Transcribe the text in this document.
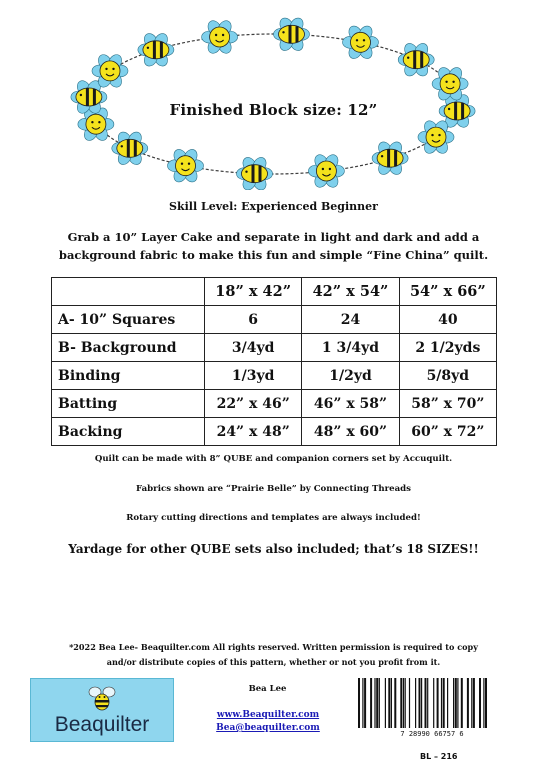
Finished Block size: 12”
Skill Level: Experienced Beginner
Grab a 10” Layer Cake and separate in light and dark and add a
background fabric to make this fun and simple “Fine China” quilt.
	18” x 42”	42” x 54”	54” x 66”
A- 10” Squares	6	24	40
B- Background	3/4yd	1 3/4yd	2 1/2yds
Binding	1/3yd	1/2yd	5/8yd
Batting	22” x 46”	46” x 58”	58” x 70”
Backing	24” x 48”	48” x 60”	60” x 72”
Quilt can be made with 8” QUBE and companion corners set by Accuquilt.
Fabrics shown are “Prairie Belle” by Connecting Threads
Rotary cutting directions and templates are always included!
Yardage for other QUBE sets also included; that’s 18 SIZES!!
*2022 Bea Lee- Beaquilter.com All rights reserved. Written permission is required to copy
and/or distribute copies of this pattern, whether or not you profit from it.
Beaquilter
Bea Lee
www.Beaquilter.com
Bea@beaquilter.com
7 28990 66757 6
BL – 216
